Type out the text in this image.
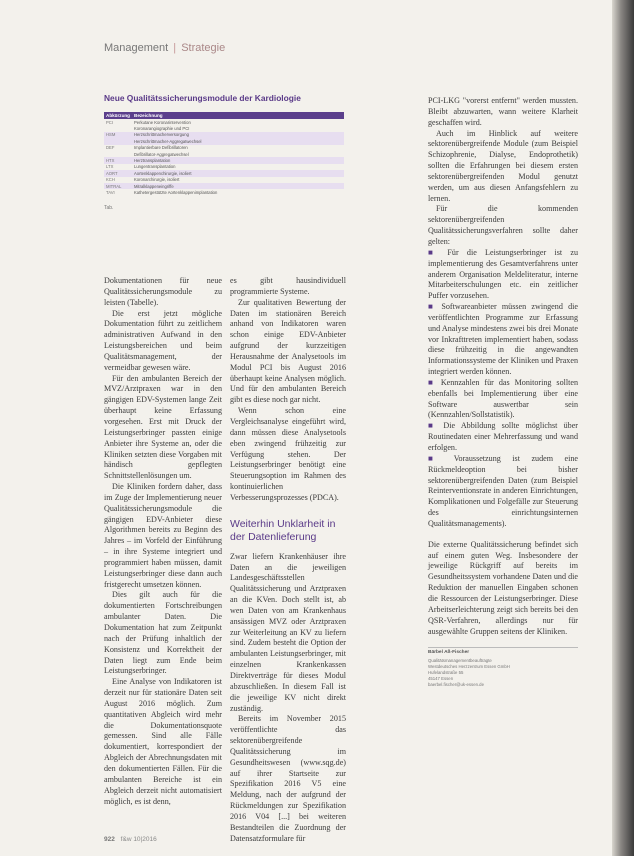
Management | Strategie
Neue Qualitätssicherungsmodule der Kardiologie
Abkürzung	Bezeichnung
PCI	Perkutane Koronarintervention
	Koronarangiographie und PCI
HSM	Herzschrittmacherversorgung
	Herzschrittmacher-Aggregatwechsel
DEF	Implantierbare Defibrillatoren
	Defibrillator-Aggregatwechsel
HTX	Herztransplantation
LTX	Lungentransplantation
AORT	Aortenklappenchirurgie, isoliert
KCH	Koronarchirurgie, isoliert
MITRAL	Mitralklappeneingriffe
TAVI	Kathetergestützte Aortenklappenimplantation
Tab.

Dokumentationen für neue Qualitätssicherungsmodule zu leisten (Tabelle).

Die erst jetzt mögliche Dokumentation führt zu zeitlichem administrativen Aufwand in den Leistungsbereichen und beim Qualitätsmanagement, der vermeidbar gewesen wäre.

Für den ambulanten Bereich der MVZ/Arztpraxen war in den gängigen EDV-Systemen lange Zeit überhaupt keine Erfassung vorgesehen. Erst mit Druck der Leistungserbringer passten einige Anbieter ihre Systeme an, oder die Kliniken setzten diese Vorgaben mit händisch gepflegten Schnittstellenlösungen um.

Die Kliniken fordern daher, dass im Zuge der Implementierung neuer Qualitätssicherungsmodule die gängigen EDV-Anbieter diese Algorithmen bereits zu Beginn des Jahres – im Vorfeld der Einführung – in ihre Systeme integriert und programmiert haben müssen, damit Leistungserbringer diese dann auch fristgerecht umsetzen können.

Dies gilt auch für die dokumentierten Fortschreibungen ambulanter Daten. Die Dokumentation hat zum Zeitpunkt nach der Prüfung inhaltlich der Konsistenz und Korrektheit der Daten liegt zum Ende beim Leistungserbringer.

Eine Analyse von Indikatoren ist derzeit nur für stationäre Daten seit August 2016 möglich. Zum quantitativen Abgleich wird mehr die Dokumentationsquote gemessen. Sind alle Fälle dokumentiert, korrespondiert der Abgleich der Abrechnungsdaten mit den dokumentierten Fällen. Für die ambulanten Bereiche ist ein Abgleich derzeit nicht automatisiert möglich, es ist denn,

es gibt hausindividuell programmierte Systeme.

Zur qualitativen Bewertung der Daten im stationären Bereich anhand von Indikatoren waren schon einige EDV-Anbieter aufgrund der kurzzeitigen Herausnahme der Analysetools im Modul PCI bis August 2016 überhaupt keine Analysen möglich. Und für den ambulanten Bereich gibt es diese noch gar nicht.

Wenn schon eine Vergleichsanalyse eingeführt wird, dann müssen diese Analysetools eben zwingend frühzeitig zur Verfügung stehen. Der Leistungserbringer benötigt eine Steuerungsoption im Rahmen des kontinuierlichen Verbesserungsprozesses (PDCA).

Weiterhin Unklarheit in der Datenlieferung

Zwar liefern Krankenhäuser ihre Daten an die jeweiligen Landesgeschäftsstellen Qualitätssicherung und Arztpraxen an die KVen. Doch stellt ist, ab wen Daten von am Krankenhaus ansässigen MVZ oder Arztpraxen zur Weiterleitung an KV zu liefern sind. Zudem besteht die Option der ambulanten Leistungserbringer, mit einzelnen Krankenkassen Direktverträge für dieses Modul abzuschließen. In diesem Fall ist die jeweilige KV nicht direkt zuständig.

Bereits im November 2015 veröffentlichte das sektorenübergreifende Qualitätssicherung im Gesundheitswesen (www.sqg.de) auf ihrer Startseite zur Spezifikation 2016 V5 eine Meldung, nach der aufgrund der Rückmeldungen zur Spezifikation 2016 V04 [...] bei weiteren Bestandteilen die Zuordnung der Datensatzformulare für

PCI-LKG "vorerst entfernt" werden mussten. Bleibt abzuwarten, wann weitere Klarheit geschaffen wird.

Auch im Hinblick auf weitere sektorenübergreifende Module (zum Beispiel Schizophrenie, Dialyse, Endoprothetik) sollten die Erfahrungen bei diesem ersten sektorenübergreifenden Modul genutzt werden, um aus diesen Anfangsfehlern zu lernen.

Für die kommenden sektorenübergreifenden Qualitätssicherungsverfahren sollte daher gelten:

■ Für die Leistungserbringer ist zu implementierung des Gesamtverfahrens unter anderem Organisation Meldeliteratur, interne Mitarbeiterschulungen etc. ein zeitlicher Puffer vorzusehen.

■ Softwareanbieter müssen zwingend die veröffentlichten Programme zur Erfassung und Analyse mindestens zwei bis drei Monate vor Inkrafttreten implementiert haben, sodass diese frühzeitig in die angewandten Informationssysteme der Kliniken und Praxen integriert werden können.

■ Kennzahlen für das Monitoring sollten ebenfalls bei Implementierung über eine Software auswertbar sein (Kennzahlen/Sollstatistik).

■ Die Abbildung sollte möglichst über Routinedaten einer Mehrerfassung und wand erfolgen.

■ Voraussetzung ist zudem eine Rückmeldeoption bei bisher sektorenübergreifenden Daten (zum Beispiel Reinterventionsrate in anderen Einrichtungen, Komplikationen und Folgefälle zur Steuerung des einrichtungsinternen Qualitätsmanagements).

Die externe Qualitätssicherung befindet sich auf einem guten Weg. Insbesondere der jeweilige Rückgriff auf bereits im Gesundheitssystem vorhandene Daten und die Reduktion der manuellen Eingaben schonen die Ressourcen der Leistungserbringer. Diese Arbeitserleichterung zeigt sich bereits bei den QSR-Verfahren, allerdings nur für ausgewählte Gruppen seitens der Kliniken.

Bärbel Aß-Fischer
Qualitätsmanagementbeauftragte
Westdeutsches Herzzentrum Essen GmbH
Hufelandstraße 55
45147 Essen
baerbel.fischer@uk-essen.de
922 f&w 10|2016
